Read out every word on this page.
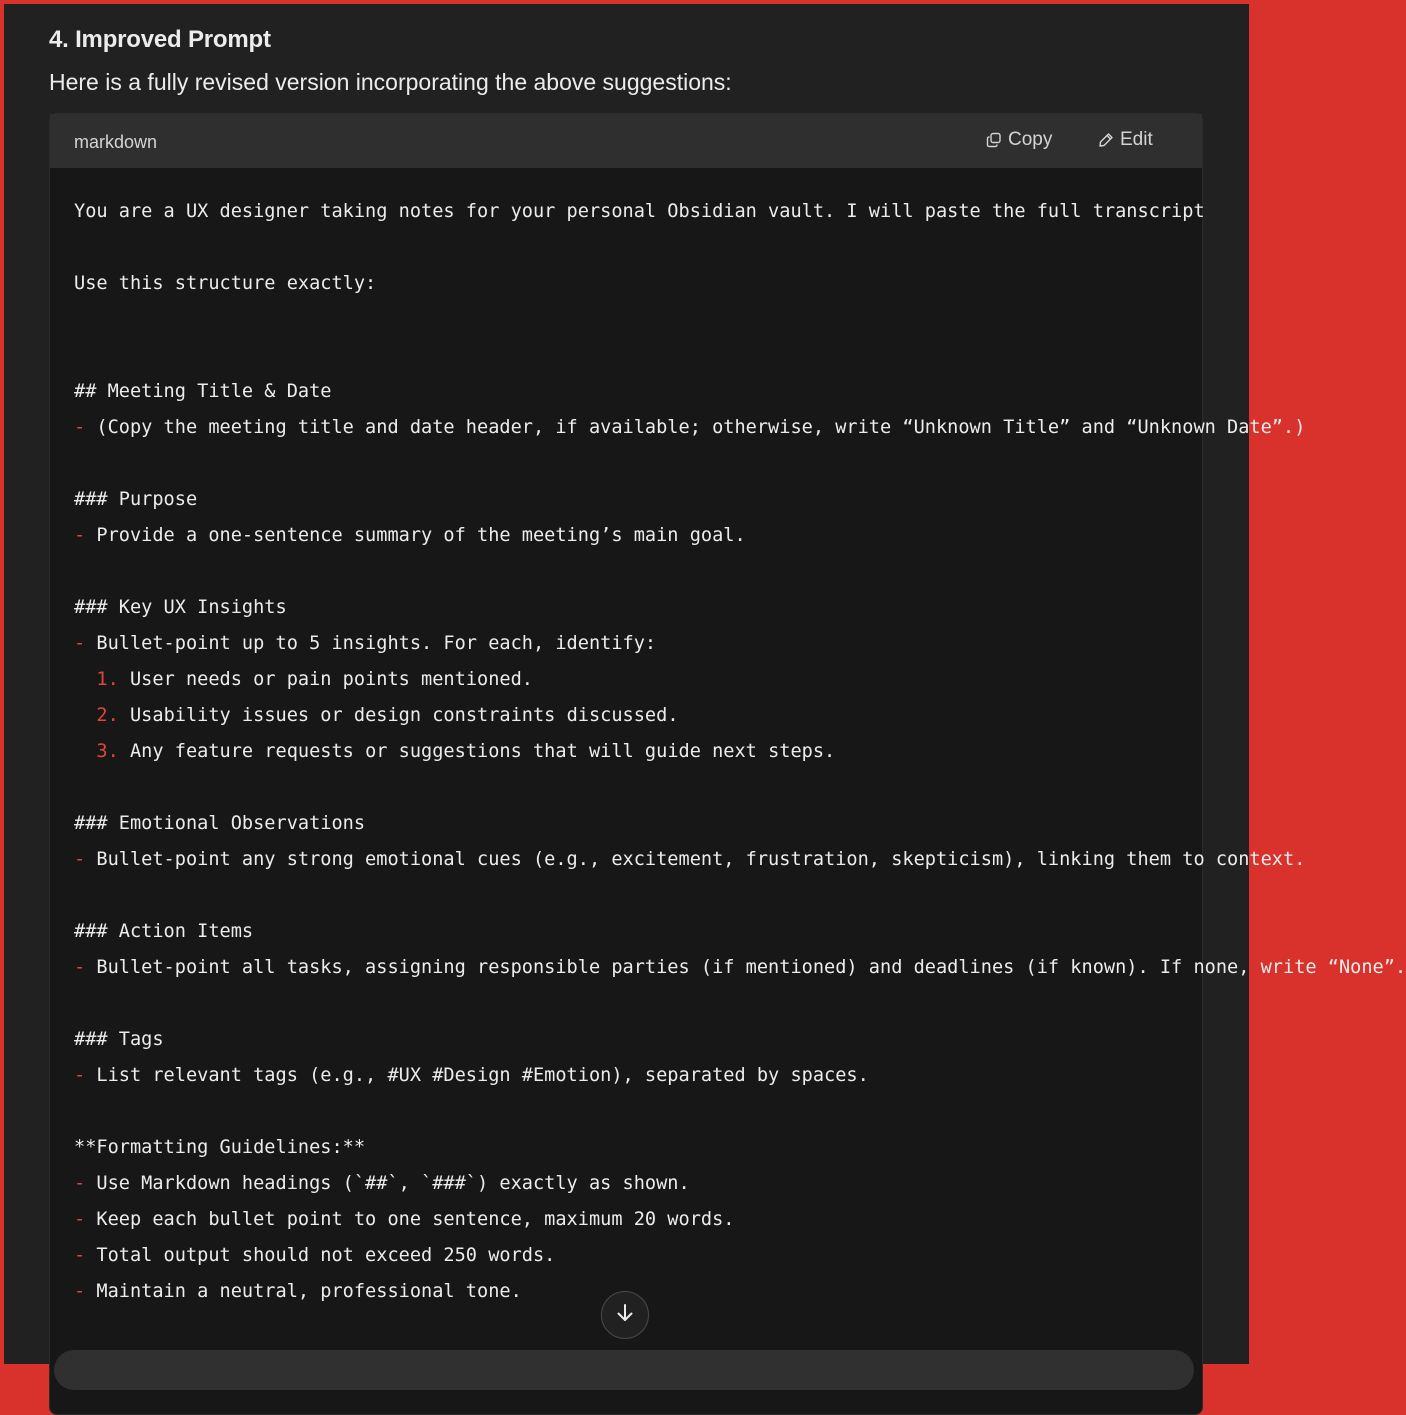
4. Improved Prompt
Here is a fully revised version incorporating the above suggestions:
markdown	Copy	Edit
You are a UX designer taking notes for your personal Obsidian vault. I will paste the full transcript
Use this structure exactly:
## Meeting Title & Date
- (Copy the meeting title and date header, if available; otherwise, write “Unknown Title” and “Unknown Date”.)
### Purpose
- Provide a one-sentence summary of the meeting’s main goal.
### Key UX Insights
- Bullet-point up to 5 insights. For each, identify:
1. User needs or pain points mentioned.
2. Usability issues or design constraints discussed.
3. Any feature requests or suggestions that will guide next steps.
### Emotional Observations
- Bullet-point any strong emotional cues (e.g., excitement, frustration, skepticism), linking them to context.
### Action Items
- Bullet-point all tasks, assigning responsible parties (if mentioned) and deadlines (if known). If none, write “None”.
### Tags
- List relevant tags (e.g., #UX #Design #Emotion), separated by spaces.
**Formatting Guidelines:**
- Use Markdown headings (`##`, `###`) exactly as shown.
- Keep each bullet point to one sentence, maximum 20 words.
- Total output should not exceed 250 words.
- Maintain a neutral, professional tone.
